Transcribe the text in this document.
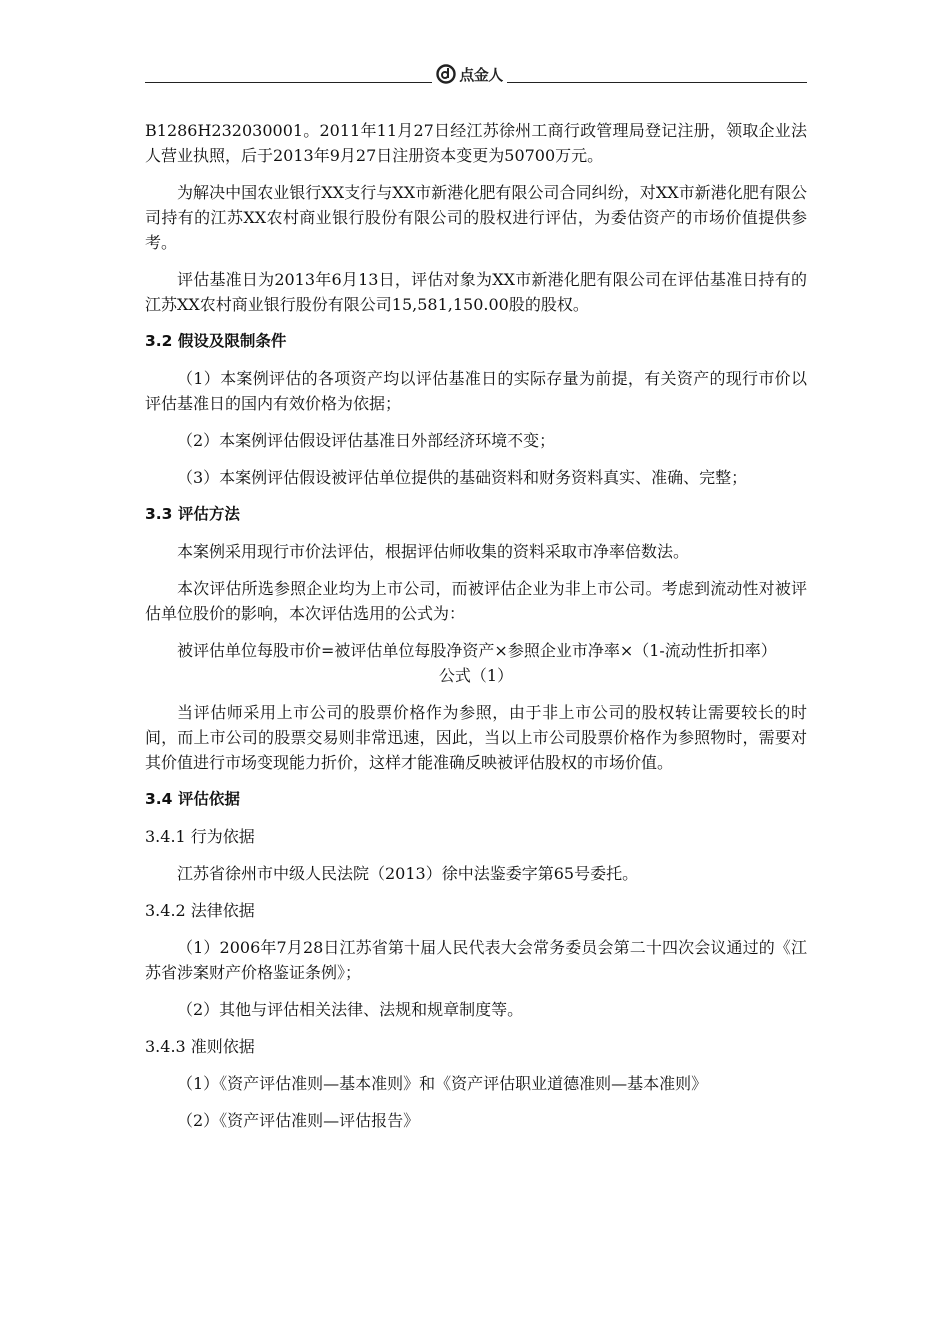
点金人

B1286H232030001。2011年11月27日经江苏徐州工商行政管理局登记注册，领取企业法人营业执照，后于2013年9月27日注册资本变更为50700万元。

为解决中国农业银行XX支行与XX市新港化肥有限公司合同纠纷，对XX市新港化肥有限公司持有的江苏XX农村商业银行股份有限公司的股权进行评估，为委估资产的市场价值提供参考。

评估基准日为2013年6月13日，评估对象为XX市新港化肥有限公司在评估基准日持有的江苏XX农村商业银行股份有限公司15,581,150.00股的股权。

3.2 假设及限制条件

（1）本案例评估的各项资产均以评估基准日的实际存量为前提，有关资产的现行市价以评估基准日的国内有效价格为依据；

（2）本案例评估假设评估基准日外部经济环境不变；

（3）本案例评估假设被评估单位提供的基础资料和财务资料真实、准确、完整；

3.3 评估方法

本案例采用现行市价法评估，根据评估师收集的资料采取市净率倍数法。

本次评估所选参照企业均为上市公司，而被评估企业为非上市公司。考虑到流动性对被评估单位股价的影响，本次评估选用的公式为：

被评估单位每股市价=被评估单位每股净资产×参照企业市净率×（1-流动性折扣率）
公式（1）

当评估师采用上市公司的股票价格作为参照，由于非上市公司的股权转让需要较长的时间，而上市公司的股票交易则非常迅速，因此，当以上市公司股票价格作为参照物时，需要对其价值进行市场变现能力折价，这样才能准确反映被评估股权的市场价值。

3.4 评估依据

3.4.1 行为依据

江苏省徐州市中级人民法院（2013）徐中法鉴委字第65号委托。

3.4.2 法律依据

（1）2006年7月28日江苏省第十届人民代表大会常务委员会第二十四次会议通过的《江苏省涉案财产价格鉴证条例》；

（2）其他与评估相关法律、法规和规章制度等。

3.4.3 准则依据

（1）《资产评估准则—基本准则》和《资产评估职业道德准则—基本准则》

（2）《资产评估准则—评估报告》
